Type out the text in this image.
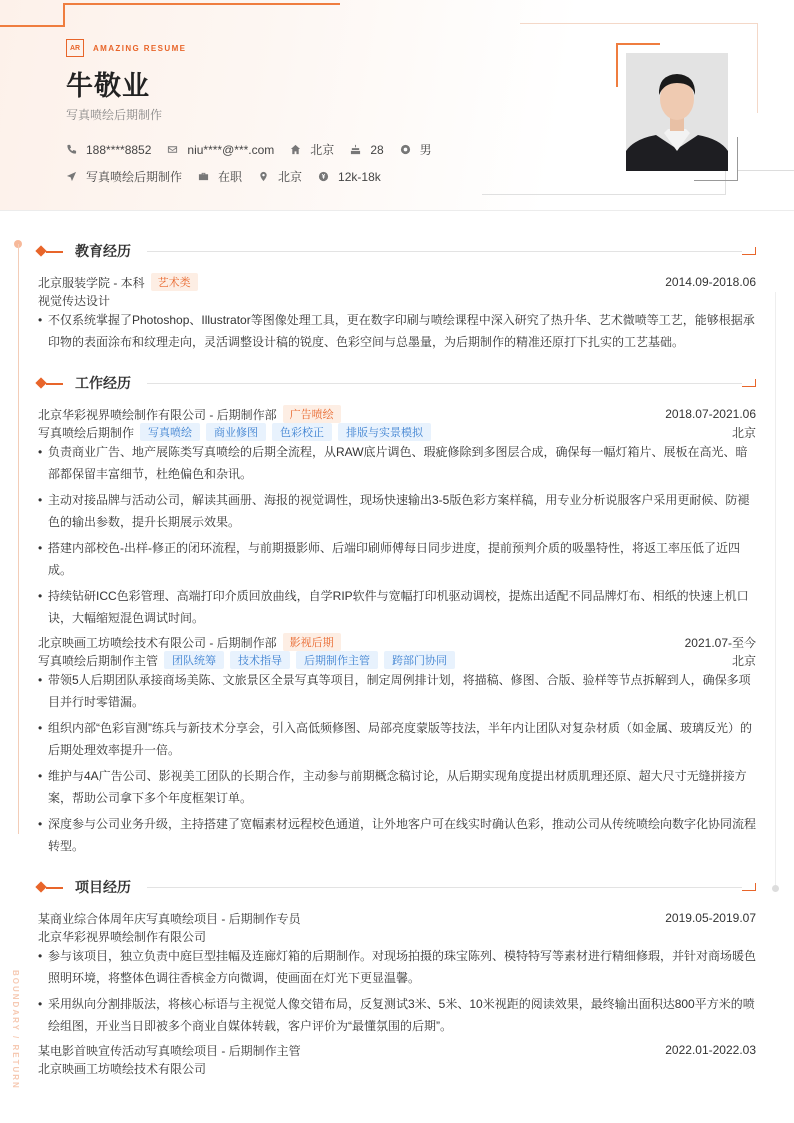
AR	AMAZING RESUME
牛敬业
写真喷绘后期制作
188****8852	niu****@***.com	北京	28	男
写真喷绘后期制作	在职	北京	12k-18k
BOUNDARY / RETURN
教育经历
北京服装学院 - 本科	艺术类	2014.09-2018.06
视觉传达设计
• 不仅系统掌握了Photoshop、Illustrator等图像处理工具，更在数字印刷与喷绘课程中深入研究了热升华、艺术微喷等工艺，能够根据承印物的表面涂布和纹理走向，灵活调整设计稿的锐度、色彩空间与总墨量，为后期制作的精准还原打下扎实的工艺基础。
工作经历
北京华彩视界喷绘制作有限公司 - 后期制作部	广告喷绘	2018.07-2021.06
写真喷绘后期制作	写真喷绘	商业修图	色彩校正	排版与实景模拟	北京
• 负责商业广告、地产展陈类写真喷绘的后期全流程，从RAW底片调色、瑕疵修除到多图层合成，确保每一幅灯箱片、展板在高光、暗部都保留丰富细节，杜绝偏色和杂讯。
• 主动对接品牌与活动公司，解读其画册、海报的视觉调性，现场快速输出3-5版色彩方案样稿，用专业分析说服客户采用更耐候、防褪色的输出参数，提升长期展示效果。
• 搭建内部校色-出样-修正的闭环流程，与前期摄影师、后端印刷师傅每日同步进度，提前预判介质的吸墨特性，将返工率压低了近四成。
• 持续钻研ICC色彩管理、高端打印介质回放曲线，自学RIP软件与宽幅打印机驱动调校，提炼出适配不同品牌灯布、相纸的快速上机口诀，大幅缩短混色调试时间。
北京映画工坊喷绘技术有限公司 - 后期制作部	影视后期	2021.07-至今
写真喷绘后期制作主管	团队统筹	技术指导	后期制作主管	跨部门协同	北京
• 带领5人后期团队承接商场美陈、文旅景区全景写真等项目，制定周例排计划，将描稿、修图、合版、验样等节点拆解到人，确保多项目并行时零错漏。
• 组织内部“色彩盲测”练兵与新技术分享会，引入高低频修图、局部亮度蒙版等技法，半年内让团队对复杂材质（如金属、玻璃反光）的后期处理效率提升一倍。
• 维护与4A广告公司、影视美工团队的长期合作，主动参与前期概念稿讨论，从后期实现角度提出材质肌理还原、超大尺寸无缝拼接方案，帮助公司拿下多个年度框架订单。
• 深度参与公司业务升级，主持搭建了宽幅素材远程校色通道，让外地客户可在线实时确认色彩，推动公司从传统喷绘向数字化协同流程转型。
项目经历
某商业综合体周年庆写真喷绘项目 - 后期制作专员	2019.05-2019.07
北京华彩视界喷绘制作有限公司
• 参与该项目，独立负责中庭巨型挂幅及连廊灯箱的后期制作。对现场拍摄的珠宝陈列、模特特写等素材进行精细修瑕，并针对商场暖色照明环境，将整体色调往香槟金方向微调，使画面在灯光下更显温馨。
• 采用纵向分割排版法，将核心标语与主视觉人像交错布局，反复测试3米、5米、10米视距的阅读效果，最终输出面积达800平方米的喷绘组图，开业当日即被多个商业自媒体转载，客户评价为“最懂氛围的后期”。
某电影首映宣传活动写真喷绘项目 - 后期制作主管	2022.01-2022.03
北京映画工坊喷绘技术有限公司
